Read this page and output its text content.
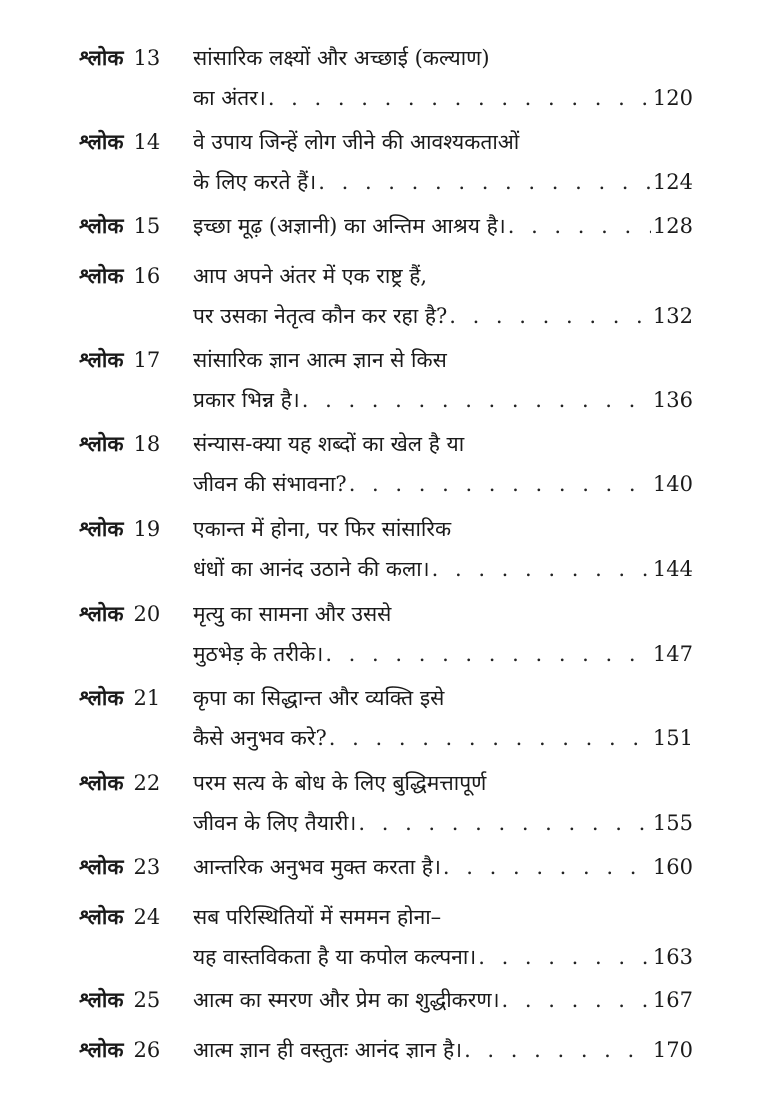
श्लोक 13 सांसारिक लक्ष्यों और अच्छाई (कल्याण)
का अंतर। . . .	120
श्लोक 14 वे उपाय जिन्हें लोग जीने की आवश्यकताओं
के लिए करते हैं। . . .	124
श्लोक 15 इच्छा मूढ़ (अज्ञानी) का अन्तिम आश्रय है। . . .	128
श्लोक 16 आप अपने अंतर में एक राष्ट्र हैं,
पर उसका नेतृत्व कौन कर रहा है? . . .	132
श्लोक 17 सांसारिक ज्ञान आत्म ज्ञान से किस
प्रकार भिन्न है। . . .	136
श्लोक 18 संन्यास-क्या यह शब्दों का खेल है या
जीवन की संभावना? . . .	140
श्लोक 19 एकान्त में होना, पर फिर सांसारिक
धंधों का आनंद उठाने की कला। . . .	144
श्लोक 20 मृत्यु का सामना और उससे
मुठभेड़ के तरीके। . . .	147
श्लोक 21 कृपा का सिद्धान्त और व्यक्ति इसे
कैसे अनुभव करे? . . .	151
श्लोक 22 परम सत्य के बोध के लिए बुद्धिमत्तापूर्ण
जीवन के लिए तैयारी। . . .	155
श्लोक 23 आन्तरिक अनुभव मुक्त करता है। . . .	160
श्लोक 24 सब परिस्थितियों में सममन होना–
यह वास्तविकता है या कपोल कल्पना। . . .	163
श्लोक 25 आत्म का स्मरण और प्रेम का शुद्धीकरण। . . .	167
श्लोक 26 आत्म ज्ञान ही वस्तुतः आनंद ज्ञान है। . . .	170
